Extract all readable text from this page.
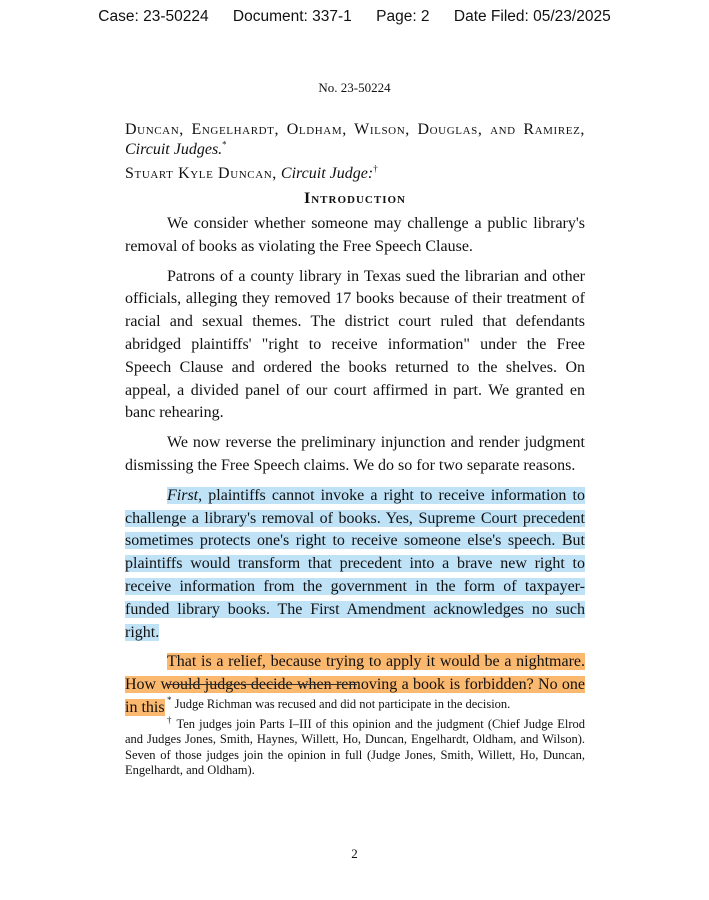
Case: 23-50224 Document: 337-1 Page: 2 Date Filed: 05/23/2025
No. 23-50224
Duncan, Engelhardt, Oldham, Wilson, Douglas, and Ramirez, Circuit Judges.*
Stuart Kyle Duncan, Circuit Judge:†
Introduction

We consider whether someone may challenge a public library's removal of books as violating the Free Speech Clause.

Patrons of a county library in Texas sued the librarian and other officials, alleging they removed 17 books because of their treatment of racial and sexual themes. The district court ruled that defendants abridged plaintiffs' "right to receive information" under the Free Speech Clause and ordered the books returned to the shelves. On appeal, a divided panel of our court affirmed in part. We granted en banc rehearing.

We now reverse the preliminary injunction and render judgment dismissing the Free Speech claims. We do so for two separate reasons.

First, plaintiffs cannot invoke a right to receive information to challenge a library's removal of books. Yes, Supreme Court precedent sometimes protects one's right to receive someone else's speech. But plaintiffs would transform that precedent into a brave new right to receive information from the government in the form of taxpayer-funded library books. The First Amendment acknowledges no such right.

That is a relief, because trying to apply it would be a nightmare. How would judges decide when removing a book is forbidden? No one in this * Judge Richman was recused and did not participate in the decision.
† Ten judges join Parts I–III of this opinion and the judgment (Chief Judge Elrod and Judges Jones, Smith, Haynes, Willett, Ho, Duncan, Engelhardt, Oldham, and Wilson). Seven of those judges join the opinion in full (Judge Jones, Smith, Willett, Ho, Duncan, Engelhardt, and Oldham).
2
